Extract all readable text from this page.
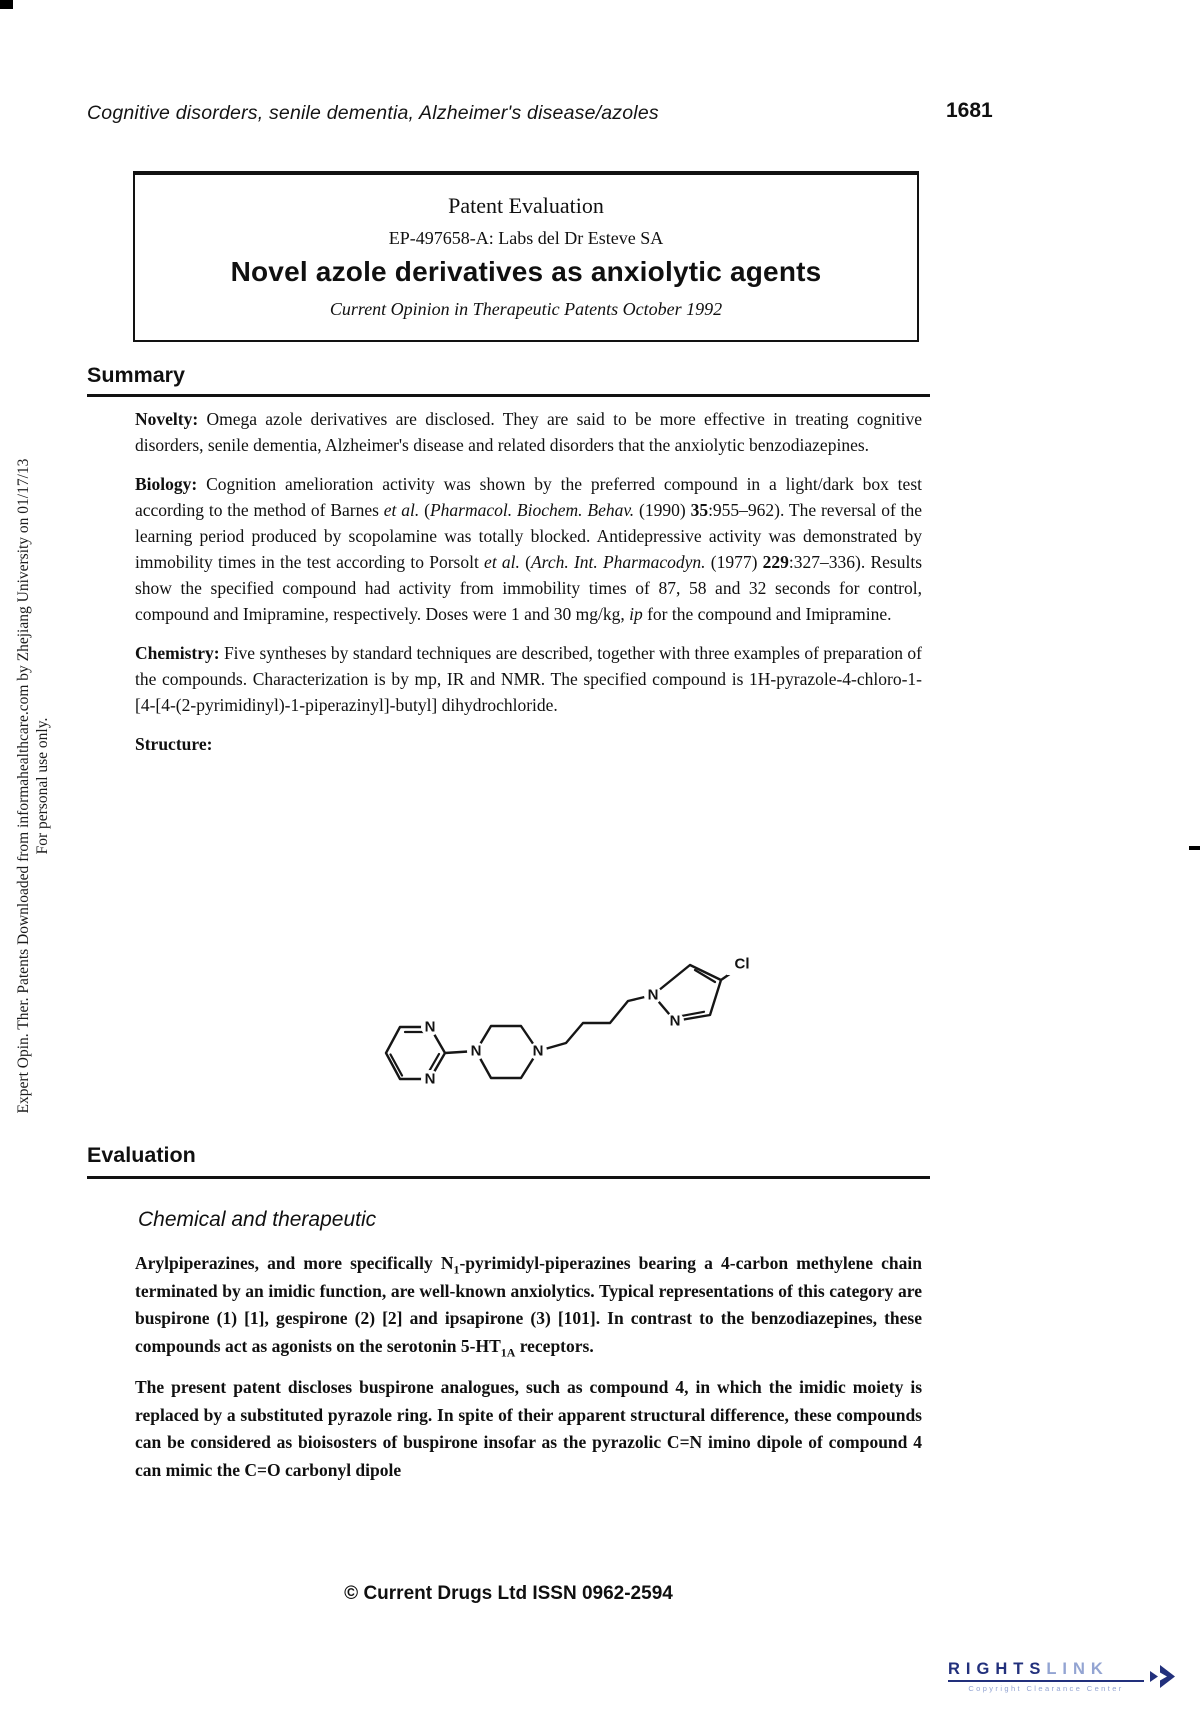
Cognitive disorders, senile dementia, Alzheimer's disease/azoles	1681
Patent Evaluation
EP-497658-A: Labs del Dr Esteve SA
Novel azole derivatives as anxiolytic agents
Current Opinion in Therapeutic Patents October 1992
Summary

Novelty: Omega azole derivatives are disclosed. They are said to be more effective in treating cognitive disorders, senile dementia, Alzheimer's disease and related disorders that the anxiolytic benzodiazepines.

Biology: Cognition amelioration activity was shown by the preferred compound in a light/dark box test according to the method of Barnes et al. (Pharmacol. Biochem. Behav. (1990) 35:955–962). The reversal of the learning period produced by scopolamine was totally blocked. Antidepressive activity was demonstrated by immobility times in the test according to Porsolt et al. (Arch. Int. Pharmacodyn. (1977) 229:327–336). Results show the specified compound had activity from immobility times of 87, 58 and 32 seconds for control, compound and Imipramine, respectively. Doses were 1 and 30 mg/kg, ip for the compound and Imipramine.

Chemistry: Five syntheses by standard techniques are described, together with three examples of preparation of the compounds. Characterization is by mp, IR and NMR. The specified compound is 1H-pyrazole-4-chloro-1-[4-[4-(2-pyrimidinyl)-1-piperazinyl]-butyl] dihydrochloride.

Structure:

N
N
N	N
N
N
Cl
Evaluation
Chemical and therapeutic

Arylpiperazines, and more specifically $N_1-pyrimidyl$-piperazines bearing a 4-carbon methylene chain terminated by an imidic function, are well-known anxiolytics. Typical representations of this category are buspirone (1) [1], gespirone (2) [2] and ipsapirone (3) [101]. In contrast to the benzodiazepines, these compounds act as agonists on the serotonin $5-HT_{1A}$ receptors.

The present patent discloses buspirone analogues, such as compound 4, in which the imidic moiety is replaced by a substituted pyrazole ring. In spite of their apparent structural difference, these compounds can be considered as bioisosters of buspirone insofar as the pyrazolic C=N imino dipole of compound 4 can mimic the C=O carbonyl dipole

© Current Drugs Ltd ISSN 0962-2594
Expert Opin. Ther. Patents Downloaded from informahealthcare.com by Zhejiang University on 01/17/13 For personal use only.
RIGHTSLINK
Copyright Clearance Center
